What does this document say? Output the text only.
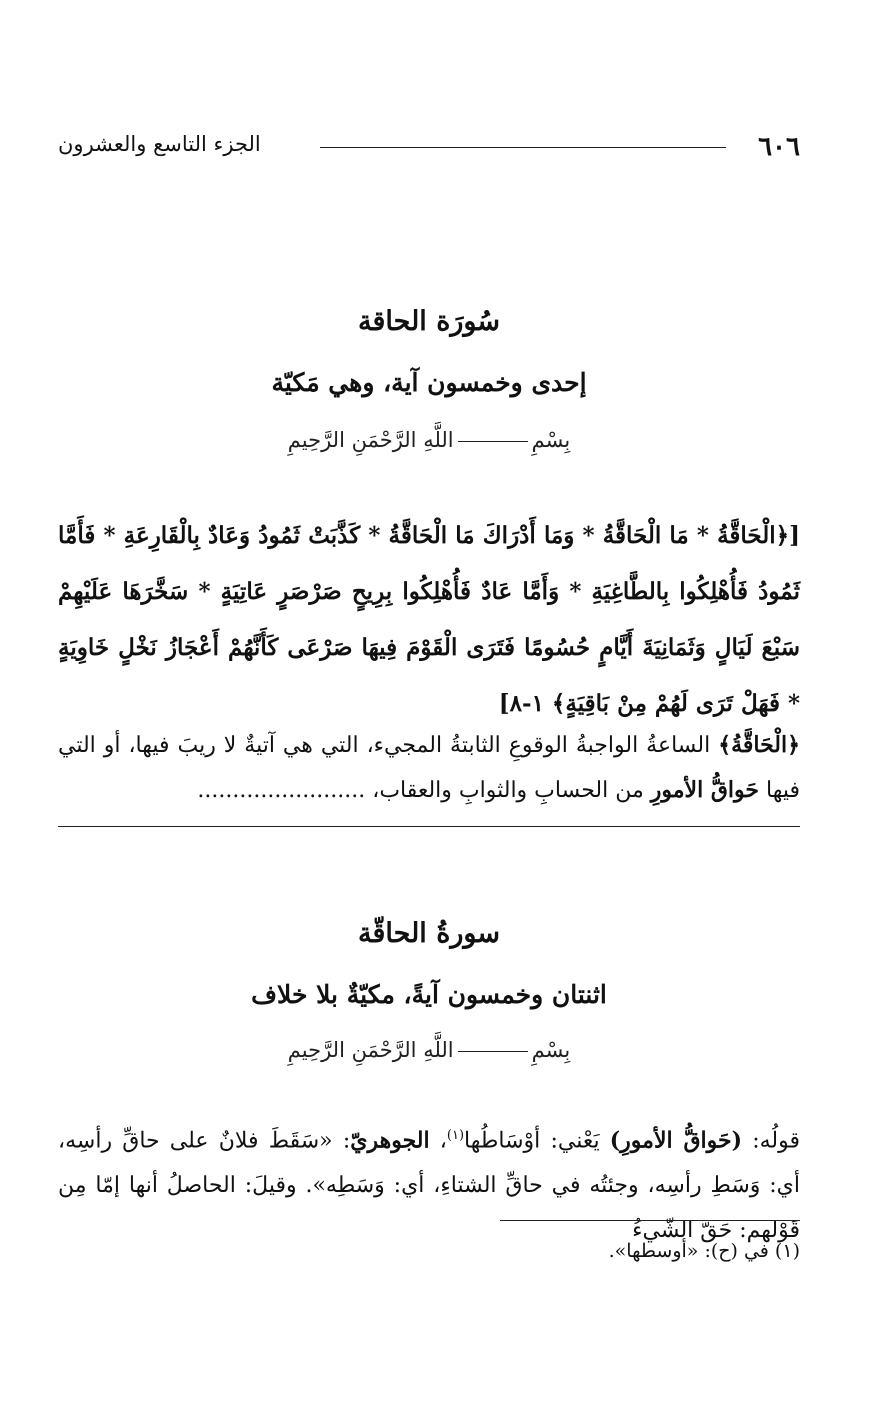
٦٠٦
الجزء التاسع والعشرون
سُورَة الحاقة
إحدى وخمسون آية، وهي مَكيّة
بِسْمِاللَّهِ الرَّحْمَنِ الرَّحِيمِ
[﴿الْحَاقَّةُ * مَا الْحَاقَّةُ * وَمَا أَدْرَاكَ مَا الْحَاقَّةُ * كَذَّبَتْ ثَمُودُ وَعَادٌ بِالْقَارِعَةِ * فَأَمَّا ثَمُودُ فَأُهْلِكُوا بِالطَّاغِيَةِ * وَأَمَّا عَادٌ فَأُهْلِكُوا بِرِيحٍ صَرْصَرٍ عَاتِيَةٍ * سَخَّرَهَا عَلَيْهِمْ سَبْعَ لَيَالٍ وَثَمَانِيَةَ أَيَّامٍ حُسُومًا فَتَرَى الْقَوْمَ فِيهَا صَرْعَى كَأَنَّهُمْ أَعْجَازُ نَخْلٍ خَاوِيَةٍ * فَهَلْ تَرَى لَهُمْ مِنْ بَاقِيَةٍ﴾ ١-٨]
﴿الْحَاقَّةُ﴾ الساعةُ الواجبةُ الوقوعِ الثابتةُ المجيء، التي هي آتيةٌ لا ريبَ فيها، أو التي فيها حَواقُّ الأمورِ من الحسابِ والثوابِ والعقاب، ........................
سورةُ الحاقّة
اثنتان وخمسون آيةً، مكيّةٌ بلا خلاف
بِسْمِاللَّهِ الرَّحْمَنِ الرَّحِيمِ
قولُه: (حَواقُّ الأمورِ) يَعْني: أوْسَاطُها$^{(١)}$، الجوهريّ: «سَقَطَ فلانٌ على حاقِّ رأسِه، أي: وَسَطِ رأسِه، وجئتُه في حاقِّ الشتاءِ، أي: وَسَطِه». وقيلَ: الحاصلُ أنها إمّا مِن قَوْلهم: حَقّ الشّيءُ
(١) في (ح): «أوسطها».
